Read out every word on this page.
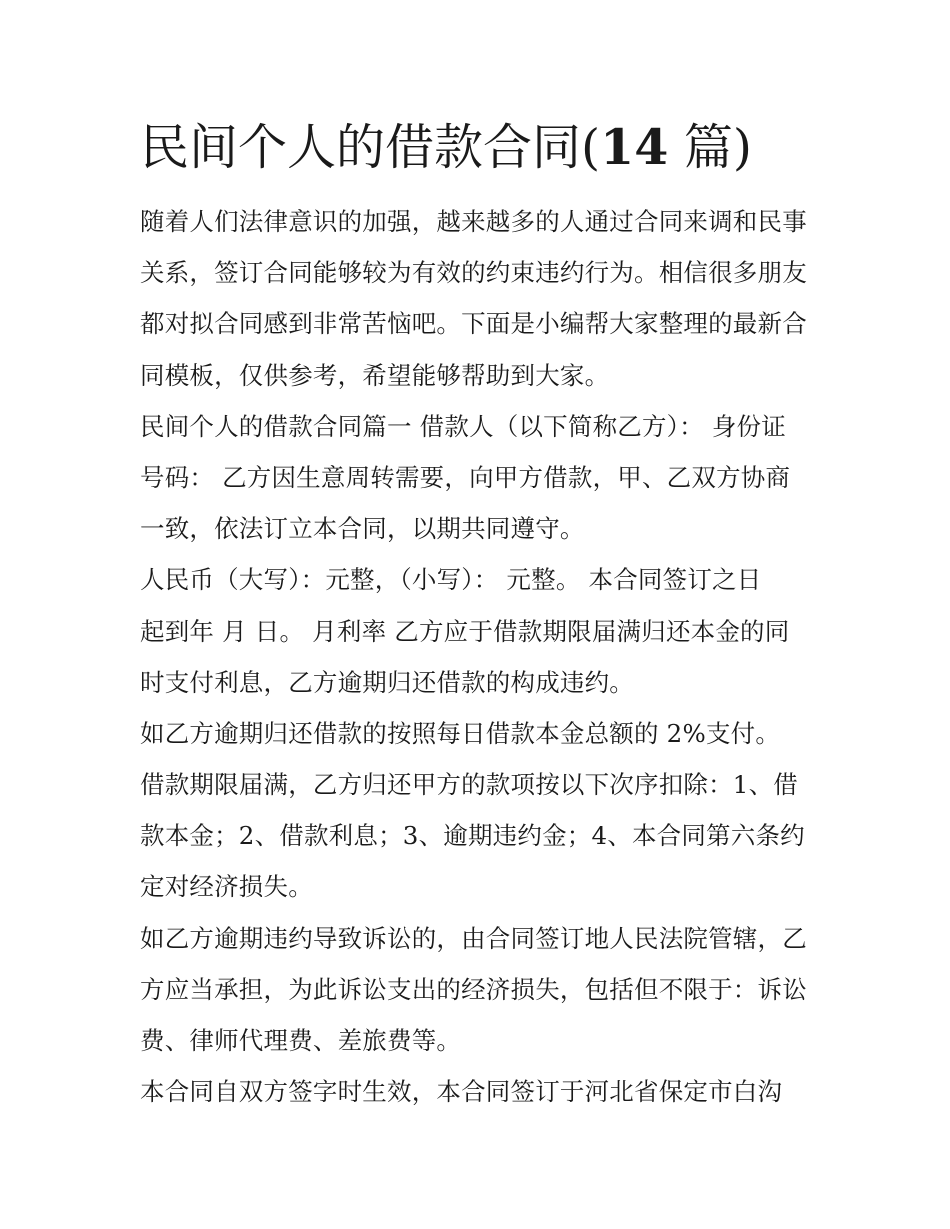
民间个人的借款合同(14 篇)

随着人们法律意识的加强，越来越多的人通过合同来调和民事
关系，签订合同能够较为有效的约束违约行为。相信很多朋友
都对拟合同感到非常苦恼吧。下面是小编帮大家整理的最新合
同模板，仅供参考，希望能够帮助到大家。

民间个人的借款合同篇一 借款人（以下简称乙方）： 身份证
号码： 乙方因生意周转需要，向甲方借款，甲、乙双方协商
一致，依法订立本合同，以期共同遵守。

人民币（大写）：元整，（小写）： 元整。 本合同签订之日
起到年 月 日。 月利率 乙方应于借款期限届满归还本金的同
时支付利息，乙方逾期归还借款的构成违约。

如乙方逾期归还借款的按照每日借款本金总额的 2%支付。

借款期限届满，乙方归还甲方的款项按以下次序扣除：1、借
款本金；2、借款利息；3、逾期违约金；4、本合同第六条约
定对经济损失。

如乙方逾期违约导致诉讼的，由合同签订地人民法院管辖，乙
方应当承担，为此诉讼支出的经济损失，包括但不限于：诉讼
费、律师代理费、差旅费等。

本合同自双方签字时生效，本合同签订于河北省保定市白沟
